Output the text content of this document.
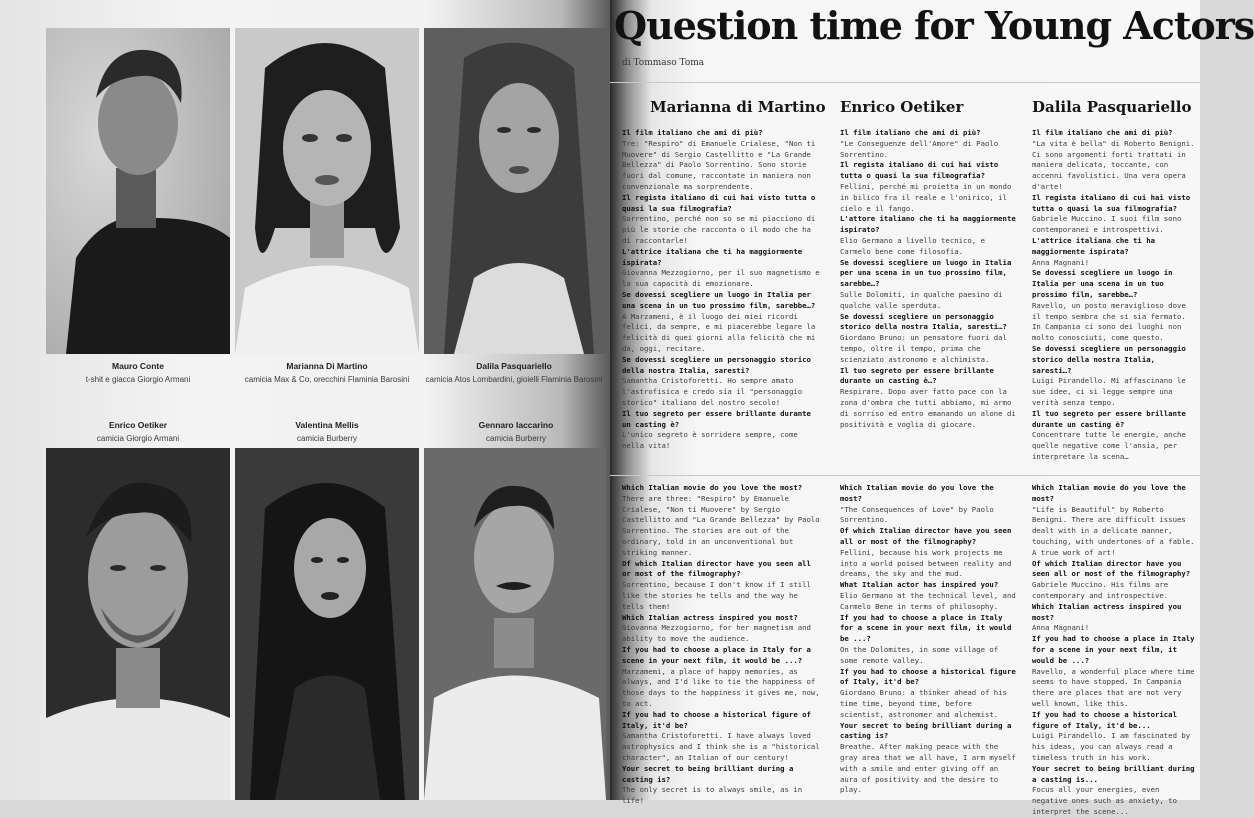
Mauro Conte
t-shit e giacca Giorgio Armani
Marianna Di Martino
camicia Max & Co, orecchini Flaminia Barosini
Dalila Pasquariello
camicia Atos Lombardini, gioielli Flaminia Barosini
Enrico Oetiker
camicia Giorgio Armani
Valentina Mellis
camicia Burberry
Gennaro Iaccarino
camicia Burberry
Question time for Young Actors
di Tommaso Toma
Marianna di Martino Enrico Oetiker	Dalila Pasquariello

Il film italiano che ami di più?

Tre: "Respiro" di Emanuele Crialese, "Non ti Muovere" di Sergio Castellitto e "La Grande Bellezza" di Paolo Sorrentino. Sono storie fuori dal comune, raccontate in maniera non convenzionale ma sorprendente.

Il regista italiano di cui hai visto tutta o quasi la sua filmografia?

Sorrentino, perché non so se mi piacciono di più le storie che racconta o il modo che ha di raccontarle!

L'attrice italiana che ti ha maggiormente ispirata?

Giovanna Mezzogiorno, per il suo magnetismo e la sua capacità di emozionare.

Se dovessi scegliere un luogo in Italia per una scena in un tuo prossimo film, sarebbe…?

A Marzameni, è il luogo dei miei ricordi felici, da sempre, e mi piacerebbe legare la felicità di quei giorni alla felicità che mi dà, oggi, recitare.

Se dovessi scegliere un personaggio storico della nostra Italia, saresti?

Samantha Cristoforetti. Ho sempre amato l'astrofisica e credo sia il "personaggio storico" italiano del nostro secolo!

Il tuo segreto per essere brillante durante un casting è?

L'unico segreto è sorridere sempre, come nella vita!

Il film italiano che ami di più?

"Le Conseguenze dell'Amore" di Paolo Sorrentino.

Il regista italiano di cui hai visto tutta o quasi la sua filmografia?

Fellini, perché mi proietta in un mondo in bilico fra il reale e l'onirico, il cielo e il fango.

L'attore italiano che ti ha maggiormente ispirato?

Elio Germano a livello tecnico, e Carmelo bene come filosofia.

Se dovessi scegliere un luogo in Italia per una scena in un tuo prossimo film, sarebbe…?

Sulle Dolomiti, in qualche paesino di qualche valle sperduta.

Se dovessi scegliere un personaggio storico della nostra Italia, saresti…?

Giordano Bruno: un pensatore fuori dal tempo, oltre il tempo, prima che scienziato astronomo e alchimista.

Il tuo segreto per essere brillante durante un casting è…?

Respirare. Dopo aver fatto pace con la zona d'ombra che tutti abbiamo, mi armo di sorriso ed entro emanando un alone di positività e voglia di giocare.

Il film italiano che ami di più?

"La vita è bella" di Roberto Benigni. Ci sono argomenti forti trattati in maniera delicata, toccante, con accenni favolistici. Una vera opera d'arte!

Il regista italiano di cui hai visto tutta o quasi la sua filmografia?

Gabriele Muccino. I suoi film sono contemporanei e introspettivi.

L'attrice italiana che ti ha maggiormente ispirata?

Anna Magnani!

Se dovessi scegliere un luogo in Italia per una scena in un tuo prossimo film, sarebbe…?

Ravello, un posto meraviglioso dove il tempo sembra che si sia fermato. In Campania ci sono dei luoghi non molto conosciuti, come questo.

Se dovessi scegliere un personaggio storico della nostra Italia, saresti…?

Luigi Pirandello. Mi affascinano le sue idee, ci si legge sempre una verità senza tempo.

Il tuo segreto per essere brillante durante un casting è?

Concentrare tutte le energie, anche quelle negative come l'ansia, per interpretare la scena…

Which Italian movie do you love the most?

There are three: "Respiro" by Emanuele Crialese, "Non ti Muovere" by Sergio Castellitto and "La Grande Bellezza" by Paolo Sorrentino. The stories are out of the ordinary, told in an unconventional but striking manner.

Of which Italian director have you seen all or most of the filmography?

Sorrentino, because I don't know if I still like the stories he tells and the way he tells them!

Which Italian actress inspired you most?

Giovanna Mezzogiorno, for her magnetism and ability to move the audience.

If you had to choose a place in Italy for a scene in your next film, it would be ...?

Marzamemi, a place of happy memories, as always, and I'd like to tie the happiness of those days to the happiness it gives me, now, to act.

If you had to choose a historical figure of Italy, it'd be?

Samantha Cristoforetti. I have always loved astrophysics and I think she is a "historical character", an Italian of our century!

Your secret to being brilliant during a casting is?

The only secret is to always smile, as in life!

Which Italian movie do you love the most?

"The Consequences of Love" by Paolo Sorrentino.

Of which Italian director have you seen all or most of the filmography?

Fellini, because his work projects me into a world poised between reality and dreams, the sky and the mud.

What Italian actor has inspired you?

Elio Germano at the technical level, and Carmelo Bene in terms of philosophy.

If you had to choose a place in Italy for a scene in your next film, it would be ...?

On the Dolomites, in some village of some remote valley.

If you had to choose a historical figure of Italy, it'd be?

Giordano Bruno: a thinker ahead of his time time, beyond time, before scientist, astronomer and alchemist.

Your secret to being brilliant during a casting is?

Breathe. After making peace with the gray area that we all have, I arm myself with a smile and enter giving off an aura of positivity and the desire to play.

Which Italian movie do you love the most?

"Life is Beautiful" by Roberto Benigni. There are difficult issues dealt with in a delicate manner, touching, with undertones of a fable. A true work of art!

Of which Italian director have you seen all or most of the filmography?

Gabriele Muccino. His films are contemporary and introspective.

Which Italian actress inspired you most?

Anna Magnani!

If you had to choose a place in Italy for a scene in your next film, it would be ...?

Ravello, a wonderful place where time seems to have stopped. In Campania there are places that are not very well known, like this.

If you had to choose a historical figure of Italy, it'd be...

Luigi Pirandello. I am fascinated by his ideas, you can always read a timeless truth in his work.

Your secret to being brilliant during a casting is...

Focus all your energies, even negative ones such as anxiety, to interpret the scene...
